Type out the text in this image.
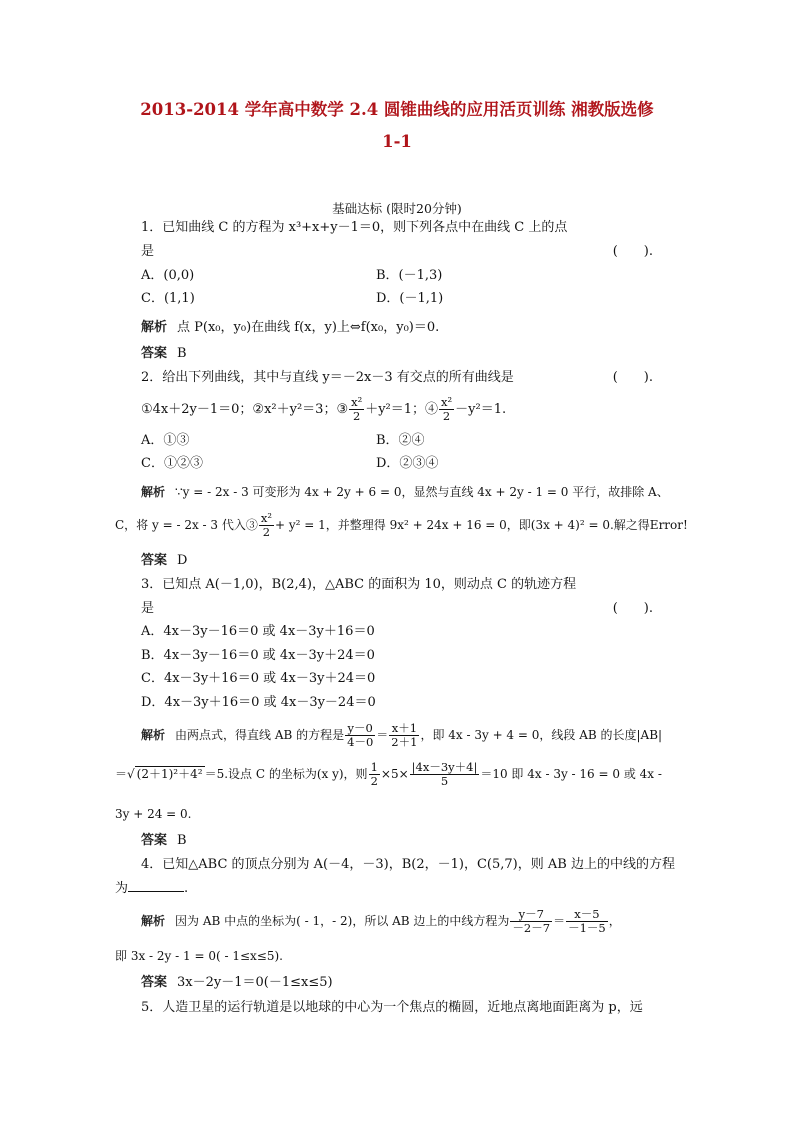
2013-2014 学年高中数学 2.4 圆锥曲线的应用活页训练 湘教版选修
1-1
基础达标 (限时20分钟)
1．已知曲线 C 的方程为 x³+x+y－1＝0，则下列各点中在曲线 C 上的点
是	(　　).
A．(0,0)	B．(－1,3)
C．(1,1)	D．(－1,1)
解析 点 P(x₀，y₀)在曲线 f(x，y)上⇔f(x₀，y₀)＝0.
答案 B
2．给出下列曲线，其中与直线 y＝－2x－3 有交点的所有曲线是	(　　).
①4x＋2y－1＝0；②x²＋y²＝3；③ $\frac{\text{x²}}{2} +y^2=1$；④ $\frac{\text{x²}}{2} -y^2=1$.
A．①③	B．②④
C．①②③	D．②③④
解析 ∵y = - 2x - 3 可变形为 4x + 2y + 6 = 0，显然与直线 4x + 2y - 1 = 0 平行，故排除 A、
C，将 y = - 2x - 3 代入③ $\frac{\text{x²}}{2} + y^2 = 1$，并整理得 9x² + 24x + 16 = 0，即(3x + 4)² = 0.解之得Error!
答案 D
3．已知点 A(－1,0)，B(2,4)，△ABC 的面积为 10，则动点 C 的轨迹方程
是	(　　).
A．4x－3y－16＝0 或 4x－3y＋16＝0
B．4x－3y－16＝0 或 4x－3y＋24＝0
C．4x－3y＋16＝0 或 4x－3y＋24＝0
D．4x－3y＋16＝0 或 4x－3y－24＝0
解析 由两点式，得直线 AB 的方程是 $\frac{y-0}{4-0} = \frac{x+1}{2+1}$ ，即 4x - 3y + 4 = 0，线段 AB 的长度|AB|
＝√ (2＋1)²＋4² ＝5.设点 C 的坐标为(x y)，则 $\frac{1}{2} \times 5\times \frac{|4x-3y+4|}{5} =10$ 即 4x - 3y - 16 = 0 或 4x -
3y + 24 = 0.
答案 B
4．已知△ABC 的顶点分别为 A(－4，－3)，B(2，－1)，C(5,7)，则 AB 边上的中线的方程
为	.
解析 因为 AB 中点的坐标为( - 1，- 2)，所以 AB 边上的中线方程为 $\frac{y-7}{-2-7} = \frac{x-5}{-1-5}$ ，
即 3x - 2y - 1 = 0( - 1≤x≤5).
答案 3x－2y－1＝0(－1≤x≤5)
5．人造卫星的运行轨道是以地球的中心为一个焦点的椭圆，近地点离地面距离为 p，远
